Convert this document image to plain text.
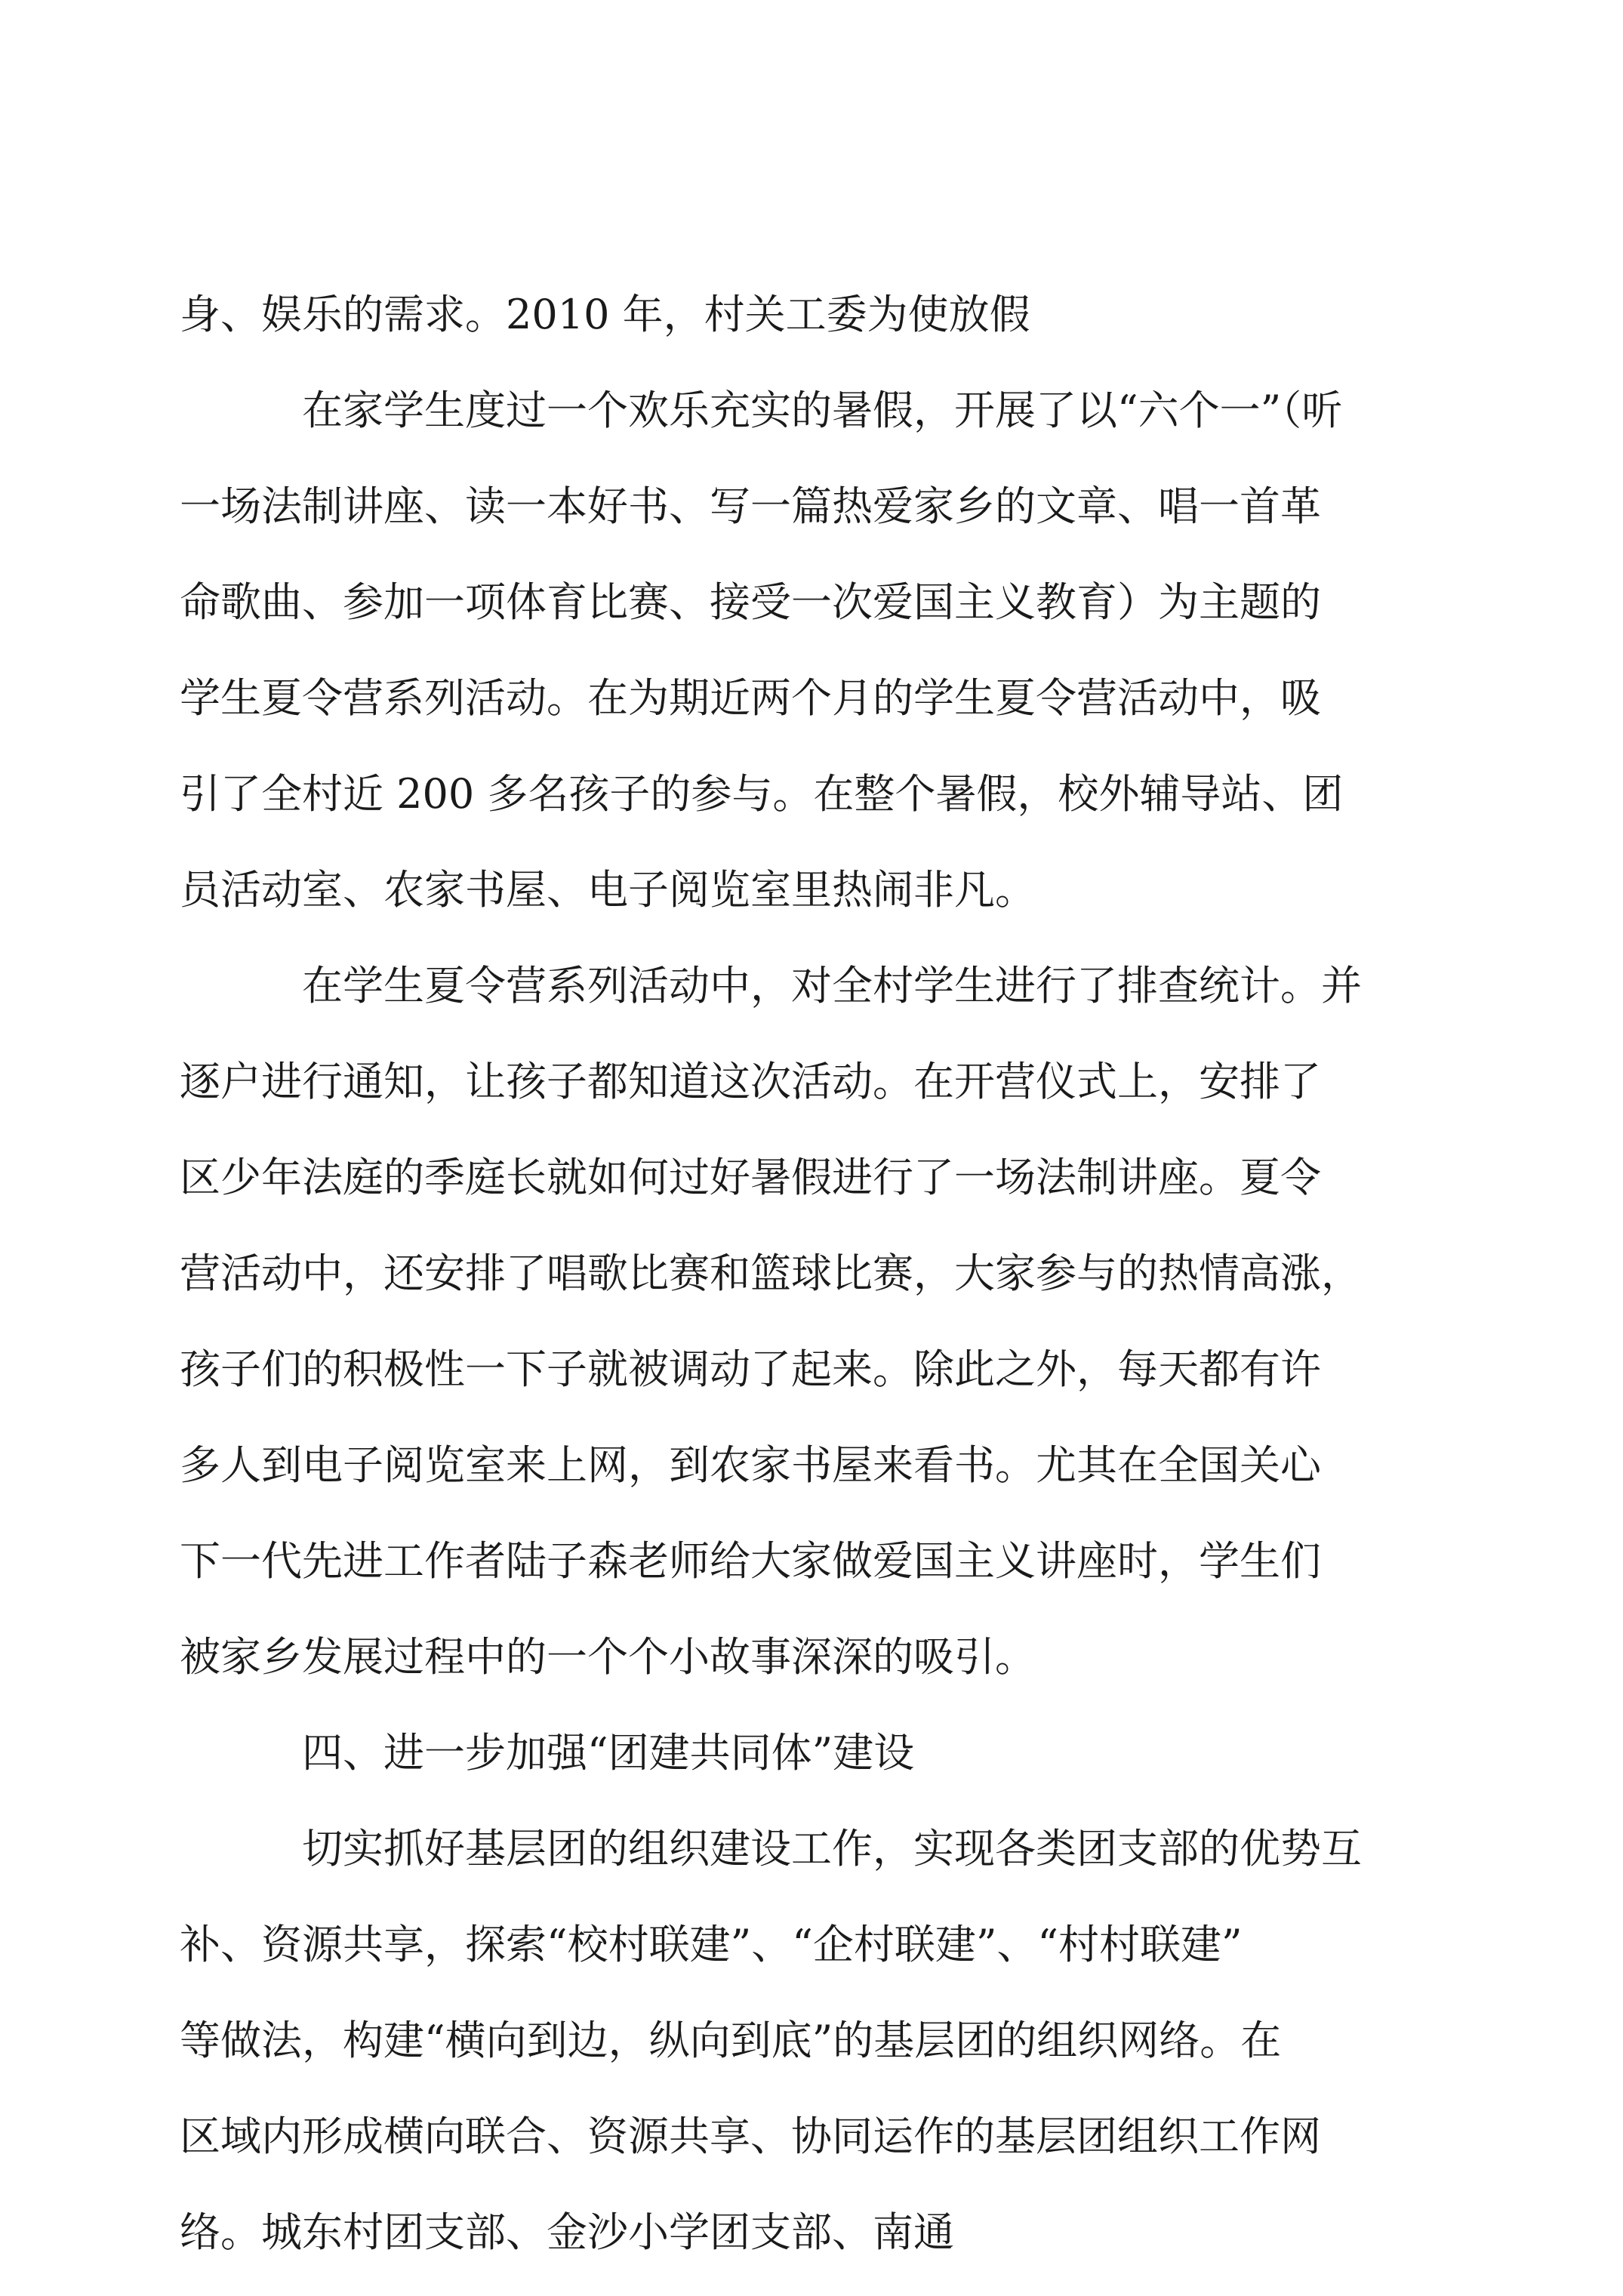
身、娱乐的需求。2010 年，村关工委为使放假
在家学生度过一个欢乐充实的暑假，开展了以“六个一”（听
一场法制讲座、读一本好书、写一篇热爱家乡的文章、唱一首革
命歌曲、参加一项体育比赛、接受一次爱国主义教育）为主题的
学生夏令营系列活动。在为期近两个月的学生夏令营活动中，吸
引了全村近 200 多名孩子的参与。在整个暑假，校外辅导站、团
员活动室、农家书屋、电子阅览室里热闹非凡。
在学生夏令营系列活动中，对全村学生进行了排查统计。并
逐户进行通知，让孩子都知道这次活动。在开营仪式上，安排了
区少年法庭的季庭长就如何过好暑假进行了一场法制讲座。夏令
营活动中，还安排了唱歌比赛和篮球比赛，大家参与的热情高涨，
孩子们的积极性一下子就被调动了起来。除此之外，每天都有许
多人到电子阅览室来上网，到农家书屋来看书。尤其在全国关心
下一代先进工作者陆子森老师给大家做爱国主义讲座时，学生们
被家乡发展过程中的一个个小故事深深的吸引。
四、进一步加强“团建共同体”建设
切实抓好基层团的组织建设工作，实现各类团支部的优势互
补、资源共享，探索“校村联建”、“企村联建”、“村村联建”
等做法，构建“横向到边，纵向到底”的基层团的组织网络。在
区域内形成横向联合、资源共享、协同运作的基层团组织工作网
络。城东村团支部、金沙小学团支部、南通
